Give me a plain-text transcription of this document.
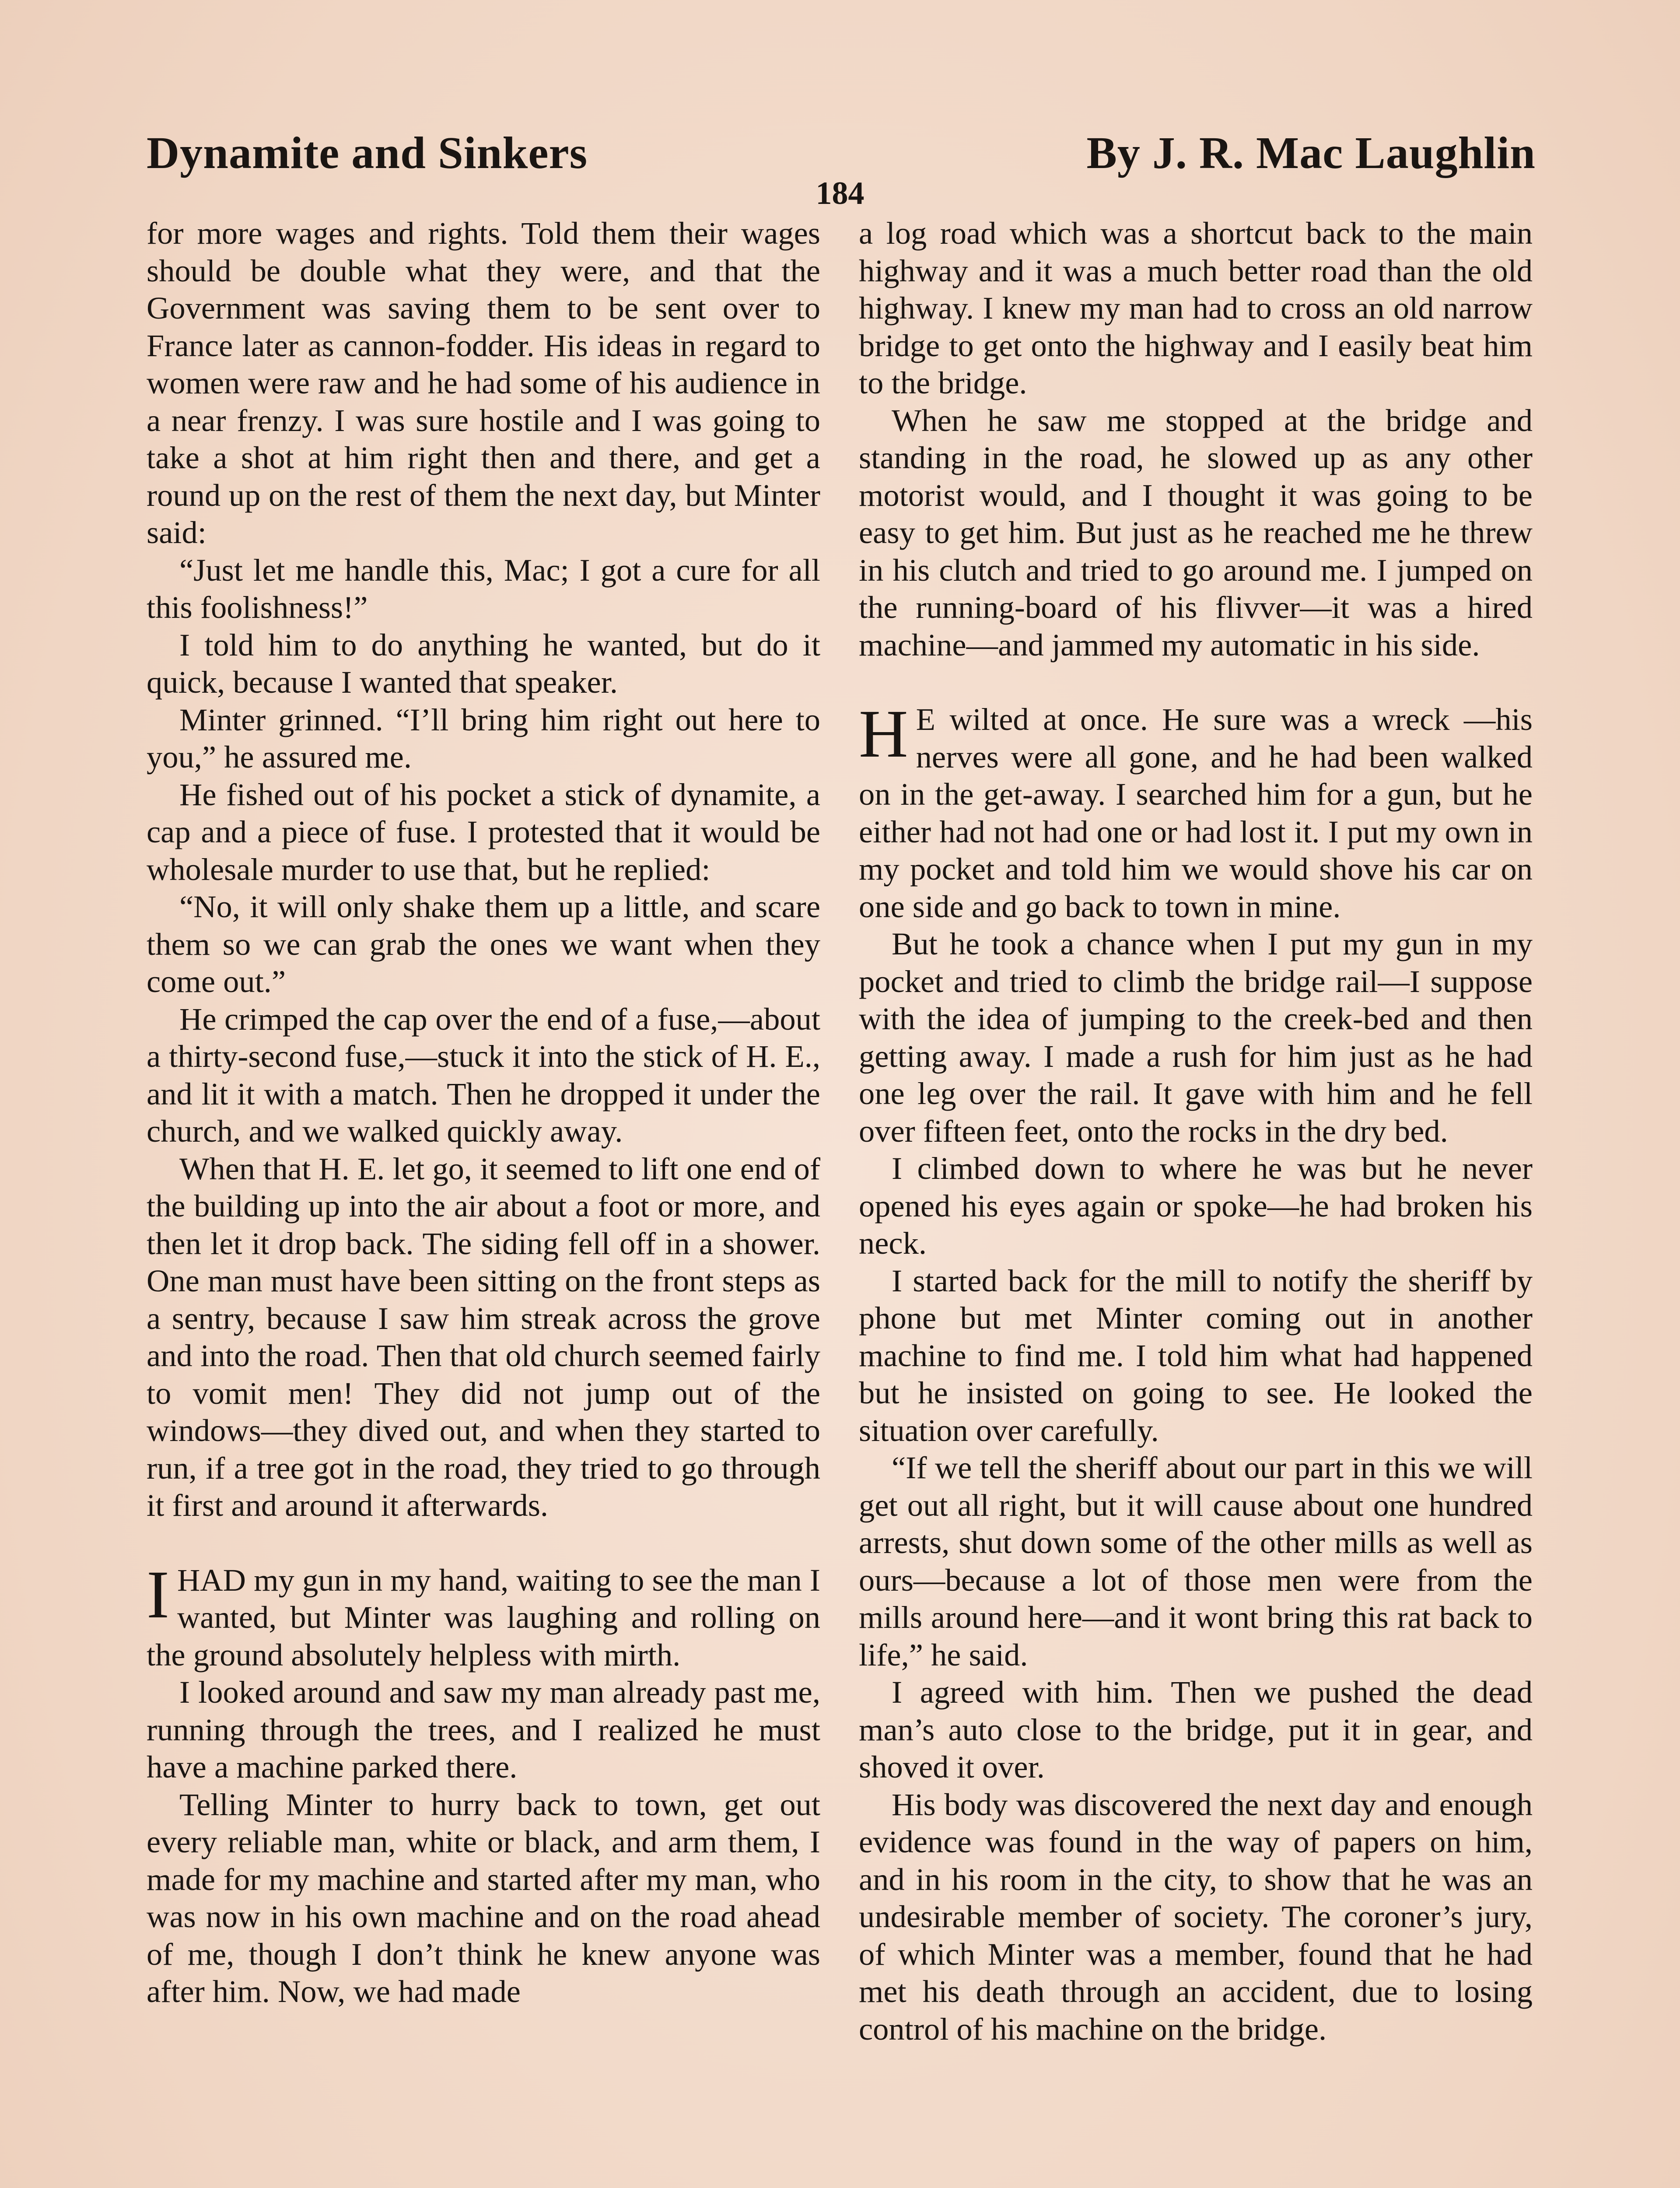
Dynamite and Sinkers	By J. R. Mac Laughlin
184

for more wages and rights. Told them their wages should be double what they were, and that the Government was saving them to be sent over to France later as cannon-fodder. His ideas in regard to women were raw and he had some of his audience in a near frenzy. I was sure hostile and I was going to take a shot at him right then and there, and get a round up on the rest of them the next day, but Minter said:

“Just let me handle this, Mac; I got a cure for all this foolishness!”

I told him to do anything he wanted, but do it quick, because I wanted that speaker.

Minter grinned. “I’ll bring him right out here to you,” he assured me.

He fished out of his pocket a stick of dynamite, a cap and a piece of fuse. I protested that it would be wholesale murder to use that, but he replied:

“No, it will only shake them up a little, and scare them so we can grab the ones we want when they come out.”

He crimped the cap over the end of a fuse,—about a thirty-second fuse,—stuck it into the stick of H. E., and lit it with a match. Then he dropped it under the church, and we walked quickly away.

When that H. E. let go, it seemed to lift one end of the building up into the air about a foot or more, and then let it drop back. The siding fell off in a shower. One man must have been sitting on the front steps as a sentry, because I saw him streak across the grove and into the road. Then that old church seemed fairly to vomit men! They did not jump out of the windows—they dived out, and when they started to run, if a tree got in the road, they tried to go through it first and around it afterwards.

IHAD my gun in my hand, waiting to see the man I wanted, but Minter was laughing and rolling on the ground absolutely helpless with mirth.

I looked around and saw my man already past me, running through the trees, and I realized he must have a machine parked there.

Telling Minter to hurry back to town, get out every reliable man, white or black, and arm them, I made for my machine and started after my man, who was now in his own machine and on the road ahead of me, though I don’t think he knew anyone was after him. Now, we had made

a log road which was a shortcut back to the main highway and it was a much better road than the old highway. I knew my man had to cross an old narrow bridge to get onto the highway and I easily beat him to the bridge.

When he saw me stopped at the bridge and standing in the road, he slowed up as any other motorist would, and I thought it was going to be easy to get him. But just as he reached me he threw in his clutch and tried to go around me. I jumped on the running-board of his flivver—it was a hired machine—and jammed my automatic in his side.

H E wilted at once. He sure was a wreck —his nerves were all gone, and he had been walked on in the get-away. I searched him for a gun, but he either had not had one or had lost it. I put my own in my pocket and told him we would shove his car on one side and go back to town in mine.

But he took a chance when I put my gun in my pocket and tried to climb the bridge rail—I suppose with the idea of jumping to the creek-bed and then getting away. I made a rush for him just as he had one leg over the rail. It gave with him and he fell over fifteen feet, onto the rocks in the dry bed.

I climbed down to where he was but he never opened his eyes again or spoke—he had broken his neck.

I started back for the mill to notify the sheriff by phone but met Minter coming out in another machine to find me. I told him what had happened but he insisted on going to see. He looked the situation over carefully.

“If we tell the sheriff about our part in this we will get out all right, but it will cause about one hundred arrests, shut down some of the other mills as well as ours—because a lot of those men were from the mills around here—and it wont bring this rat back to life,” he said.

I agreed with him. Then we pushed the dead man’s auto close to the bridge, put it in gear, and shoved it over.

His body was discovered the next day and enough evidence was found in the way of papers on him, and in his room in the city, to show that he was an undesirable member of society. The coroner’s jury, of which Minter was a member, found that he had met his death through an accident, due to losing control of his machine on the bridge.
